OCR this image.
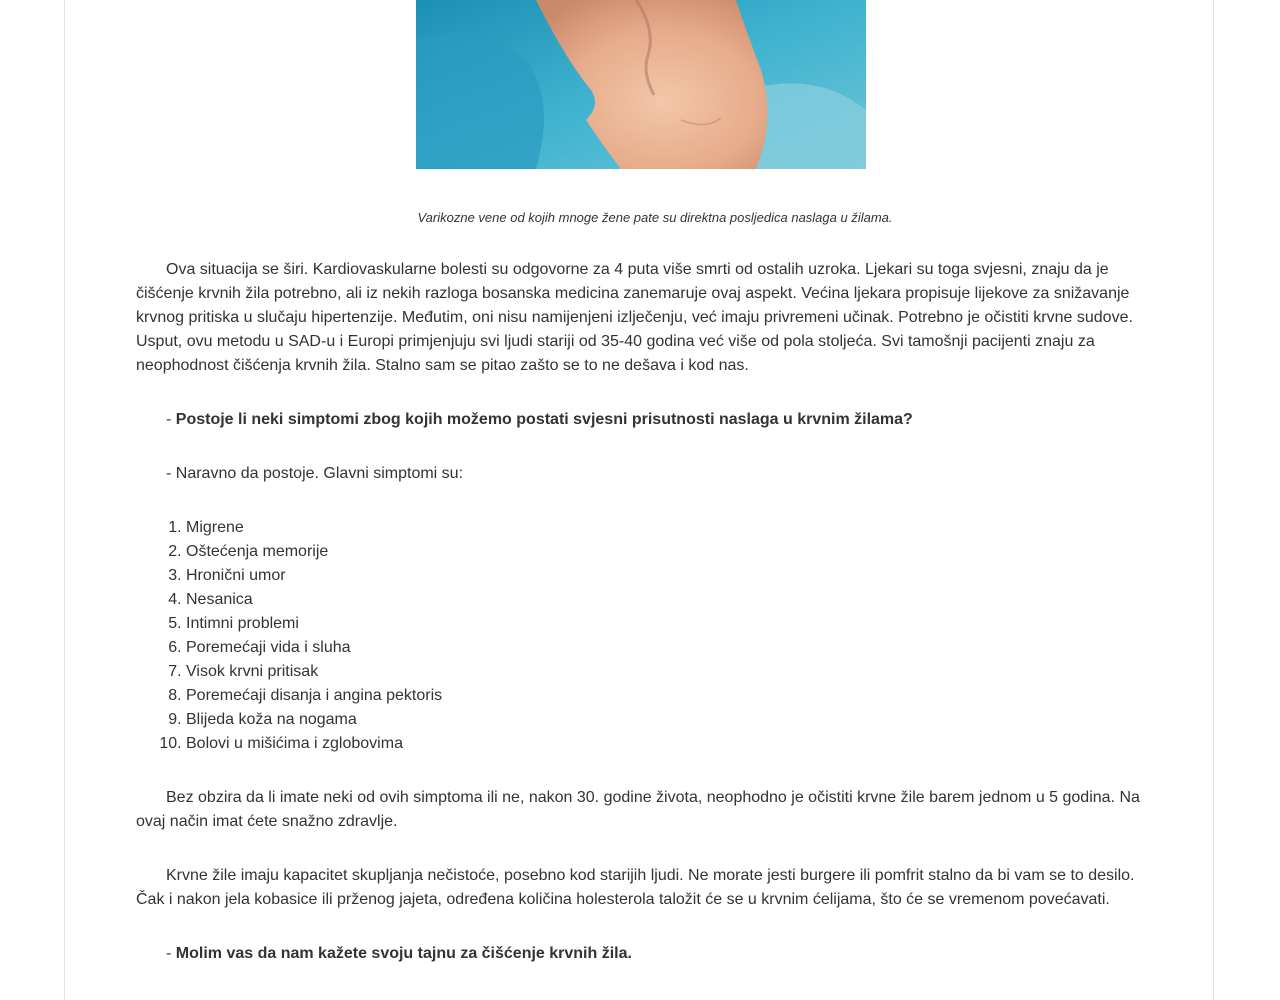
Varikozne vene od kojih mnoge žene pate su direktna posljedica naslaga u žilama.

Ova situacija se širi. Kardiovaskularne bolesti su odgovorne za 4 puta više smrti od ostalih uzroka. Ljekari su toga svjesni, znaju da je čišćenje krvnih žila potrebno, ali iz nekih razloga bosanska medicina zanemaruje ovaj aspekt. Većina ljekara propisuje lijekove za snižavanje krvnog pritiska u slučaju hipertenzije. Međutim, oni nisu namijenjeni izlječenju, već imaju privremeni učinak. Potrebno je očistiti krvne sudove. Usput, ovu metodu u SAD-u i Europi primjenjuju svi ljudi stariji od 35-40 godina već više od pola stoljeća. Svi tamošnji pacijenti znaju za neophodnost čišćenja krvnih žila. Stalno sam se pitao zašto se to ne dešava i kod nas.

- Postoje li neki simptomi zbog kojih možemo postati svjesni prisutnosti naslaga u krvnim žilama?

- Naravno da postoje. Glavni simptomi su:

1. Migrene
2. Oštećenja memorije
3. Hronični umor
4. Nesanica
5. Intimni problemi
6. Poremećaji vida i sluha
7. Visok krvni pritisak
8. Poremećaji disanja i angina pektoris
9. Blijeda koža na nogama
10. Bolovi u mišićima i zglobovima

Bez obzira da li imate neki od ovih simptoma ili ne, nakon 30. godine života, neophodno je očistiti krvne žile barem jednom u 5 godina. Na ovaj način imat ćete snažno zdravlje.

Krvne žile imaju kapacitet skupljanja nečistoće, posebno kod starijih ljudi. Ne morate jesti burgere ili pomfrit stalno da bi vam se to desilo. Čak i nakon jela kobasice ili prženog jajeta, određena količina holesterola taložit će se u krvnim ćelijama, što će se vremenom povećavati.

- Molim vas da nam kažete svoju tajnu za čišćenje krvnih žila.
